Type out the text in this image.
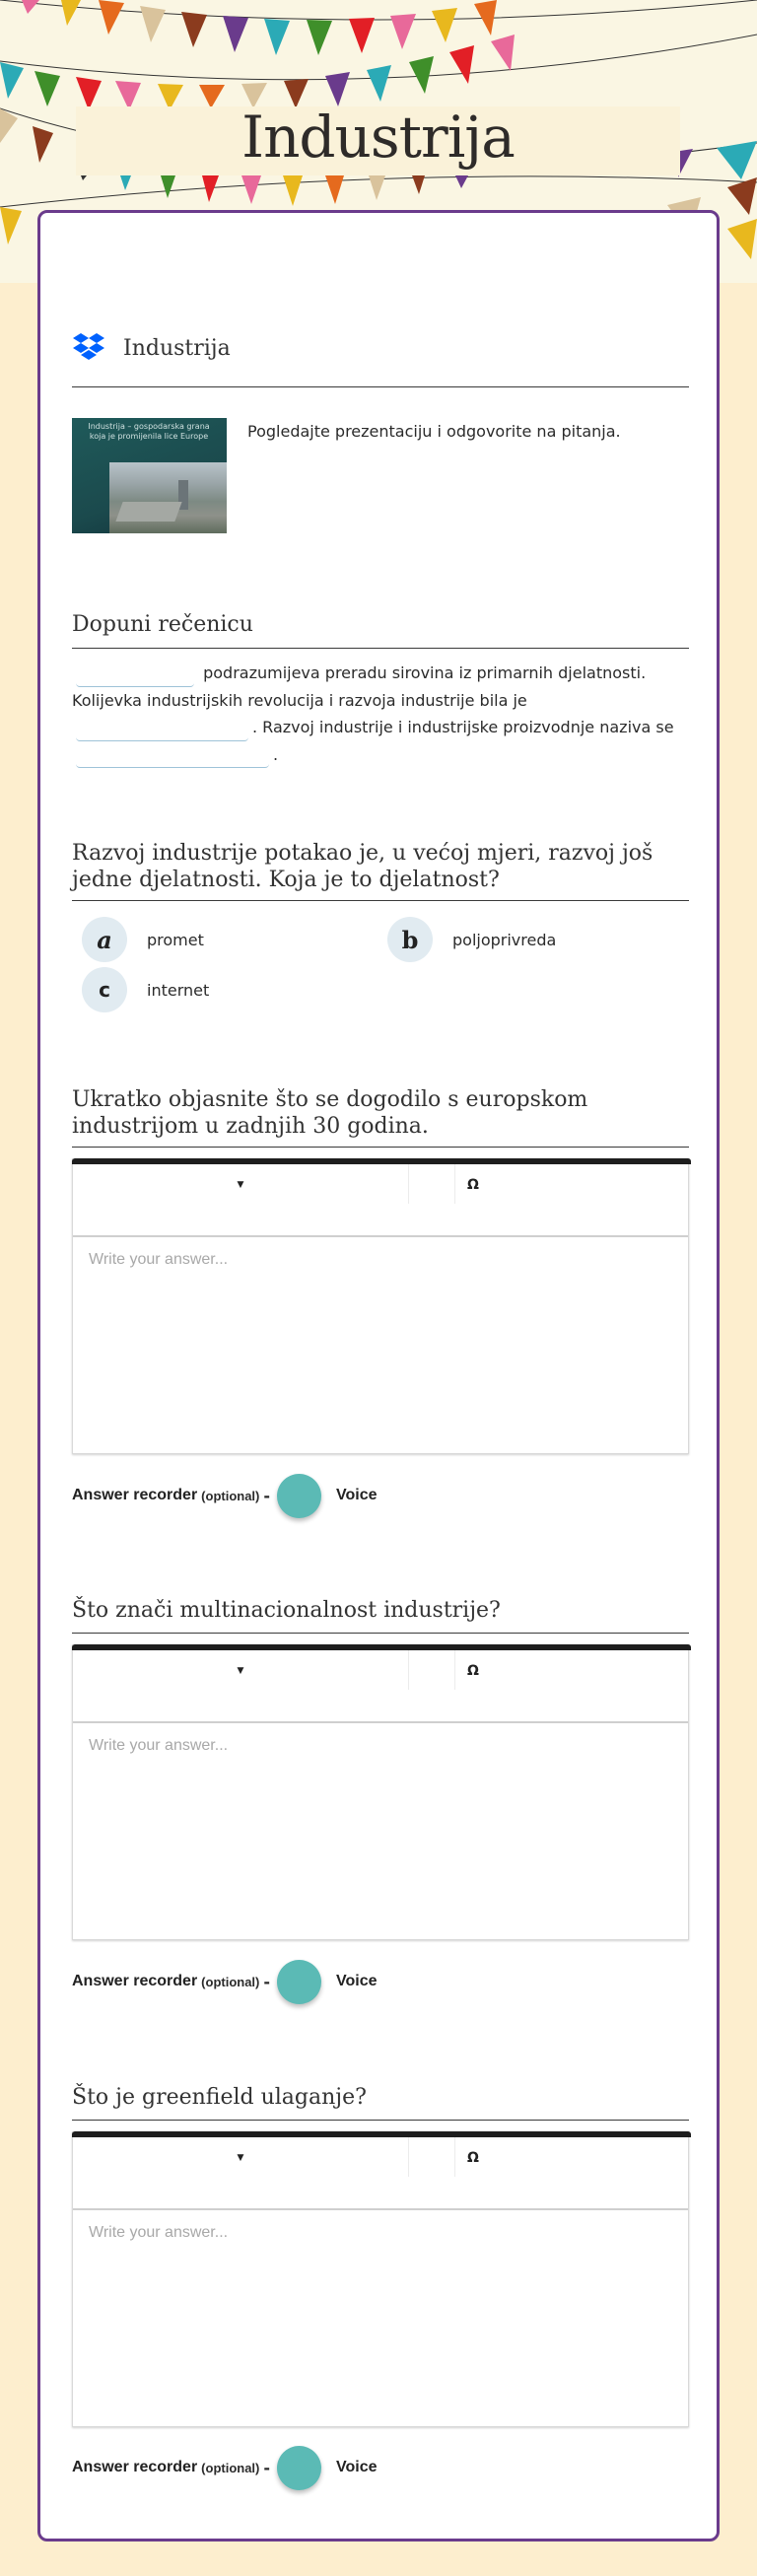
Industrija
Industrija
Industrija – gospodarska grana koja je promijenila lice Europe	Pogledajte prezentaciju i odgovorite na pitanja.
Dopuni rečenicu
podrazumijeva preradu sirovina iz primarnih djelatnosti. Kolijevka industrijskih revolucija i razvoja industrije bila je . Razvoj industrije i industrijske proizvodnje naziva se .
Razvoj industrije potakao je, u većoj mjeri, razvoj još jedne djelatnosti. Koja je to djelatnost?
a	promet	b	poljoprivreda
c	internet
Ukratko objasnite što se dogodilo s europskom industrijom u zadnjih 30 godina.
▼	Ω
Write your answer...
Answer recorder (optional) -	Voice
Što znači multinacionalnost industrije?
▼	Ω
Write your answer...
Answer recorder (optional) -	Voice
Što je greenfield ulaganje?
▼	Ω
Write your answer...
Answer recorder (optional) -	Voice
